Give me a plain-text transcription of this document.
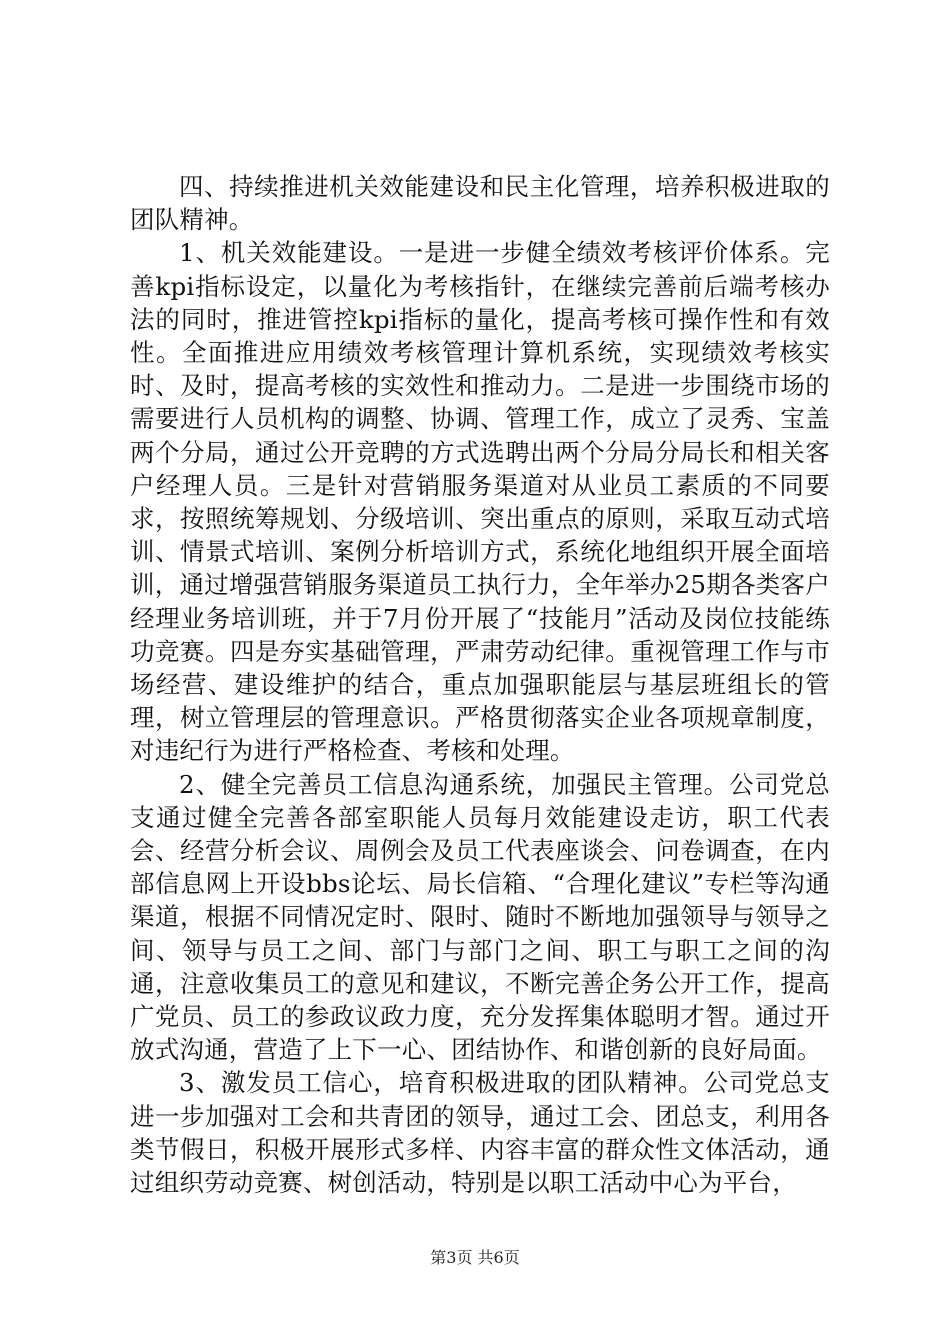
四、持续推进机关效能建设和民主化管理，培养积极进取的团队精神。

1、机关效能建设。一是进一步健全绩效考核评价体系。完善kpi指标设定，以量化为考核指针，在继续完善前后端考核办法的同时，推进管控kpi指标的量化，提高考核可操作性和有效性。全面推进应用绩效考核管理计算机系统，实现绩效考核实时、及时，提高考核的实效性和推动力。二是进一步围绕市场的需要进行人员机构的调整、协调、管理工作，成立了灵秀、宝盖两个分局，通过公开竞聘的方式选聘出两个分局分局长和相关客户经理人员。三是针对营销服务渠道对从业员工素质的不同要求，按照统筹规划、分级培训、突出重点的原则，采取互动式培训、情景式培训、案例分析培训方式，系统化地组织开展全面培训，通过增强营销服务渠道员工执行力，全年举办25期各类客户经理业务培训班，并于7月份开展了“技能月”活动及岗位技能练功竞赛。四是夯实基础管理，严肃劳动纪律。重视管理工作与市场经营、建设维护的结合，重点加强职能层与基层班组长的管理，树立管理层的管理意识。严格贯彻落实企业各项规章制度，对违纪行为进行严格检查、考核和处理。

2、健全完善员工信息沟通系统，加强民主管理。公司党总支通过健全完善各部室职能人员每月效能建设走访，职工代表会、经营分析会议、周例会及员工代表座谈会、问卷调查，在内部信息网上开设bbs论坛、局长信箱、“合理化建议”专栏等沟通渠道，根据不同情况定时、限时、随时不断地加强领导与领导之间、领导与员工之间、部门与部门之间、职工与职工之间的沟通，注意收集员工的意见和建议，不断完善企务公开工作，提高广党员、员工的参政议政力度，充分发挥集体聪明才智。通过开放式沟通，营造了上下一心、团结协作、和谐创新的良好局面。

3、激发员工信心，培育积极进取的团队精神。公司党总支进一步加强对工会和共青团的领导，通过工会、团总支，利用各类节假日，积极开展形式多样、内容丰富的群众性文体活动，通过组织劳动竞赛、树创活动，特别是以职工活动中心为平台，

第3页 共6页
